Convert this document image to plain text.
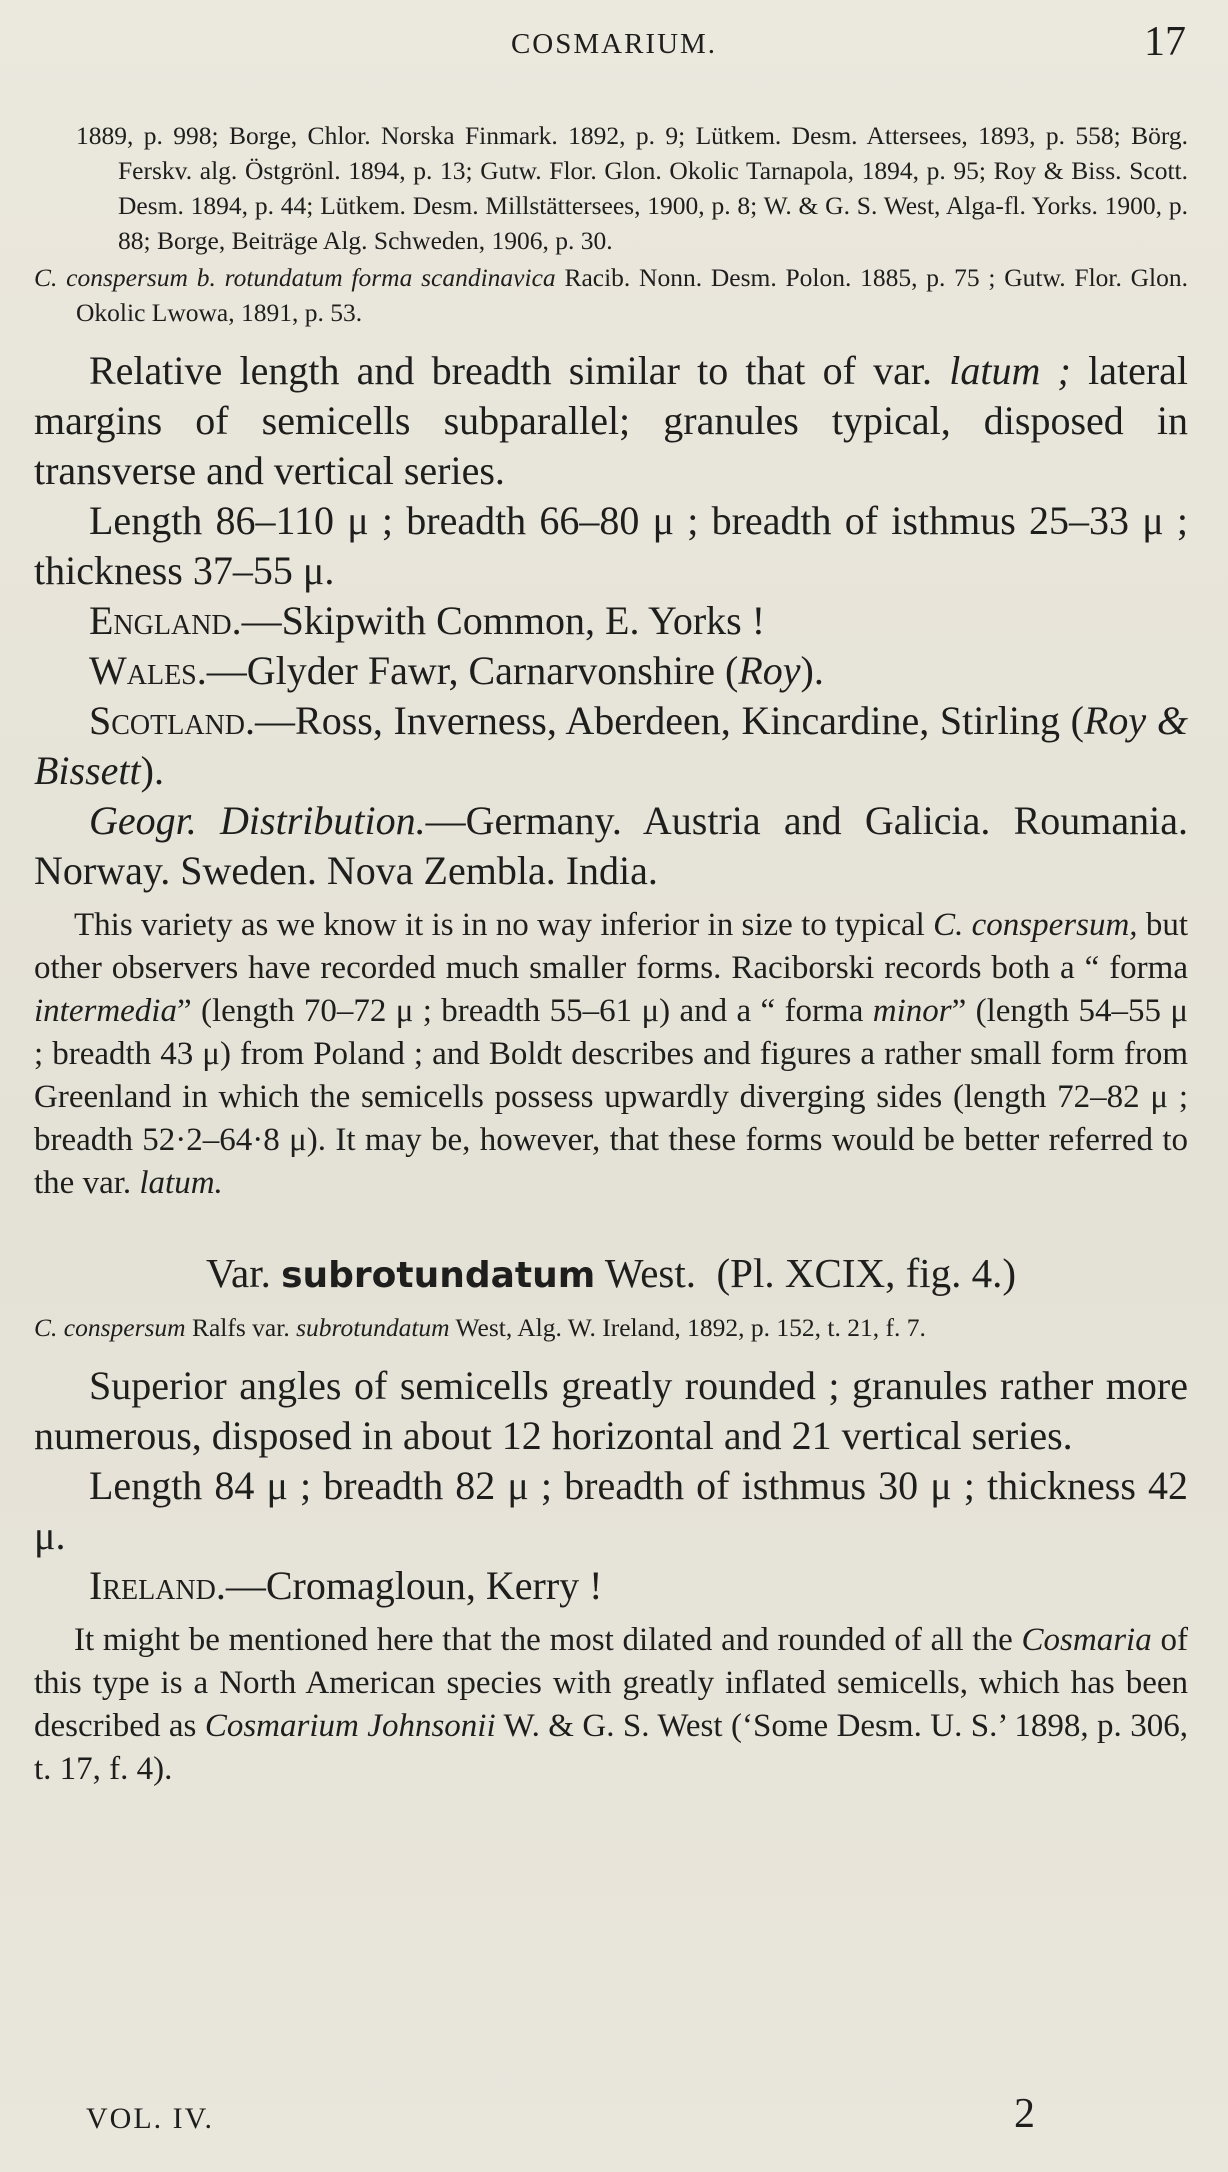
COSMARIUM.	17

1889, p. 998; Borge, Chlor. Norska Finmark. 1892, p. 9; Lütkem. Desm. Attersees, 1893, p. 558; Börg. Ferskv. alg. Östgrönl. 1894, p. 13; Gutw. Flor. Glon. Okolic Tarnapola, 1894, p. 95; Roy & Biss. Scott. Desm. 1894, p. 44; Lütkem. Desm. Millstättersees, 1900, p. 8; W. & G. S. West, Alga-fl. Yorks. 1900, p. 88; Borge, Beiträge Alg. Schweden, 1906, p. 30.

C. conspersum b. rotundatum forma scandinavica Racib. Nonn. Desm. Polon. 1885, p. 75 ; Gutw. Flor. Glon. Okolic Lwowa, 1891, p. 53.

Relative length and breadth similar to that of var. latum ; lateral margins of semicells subparallel; granules typical, disposed in transverse and vertical series.

Length 86–110 μ ; breadth 66–80 μ ; breadth of isthmus 25–33 μ ; thickness 37–55 μ.

England.—Skipwith Common, E. Yorks !

Wales.—Glyder Fawr, Carnarvonshire (Roy).

Scotland.—Ross, Inverness, Aberdeen, Kincardine, Stirling (Roy & Bissett).

Geogr. Distribution.—Germany. Austria and Galicia. Roumania. Norway. Sweden. Nova Zembla. India.

This variety as we know it is in no way inferior in size to typical C. conspersum, but other observers have recorded much smaller forms. Raciborski records both a “ forma intermedia” (length 70–72 μ ; breadth 55–61 μ) and a “ forma minor” (length 54–55 μ ; breadth 43 μ) from Poland ; and Boldt describes and figures a rather small form from Greenland in which the semicells possess upwardly diverging sides (length 72–82 μ ; breadth 52·2–64·8 μ). It may be, however, that these forms would be better referred to the var. latum.

Var. subrotundatum West. (Pl. XCIX, fig. 4.)

C. conspersum Ralfs var. subrotundatum West, Alg. W. Ireland, 1892, p. 152, t. 21, f. 7.

Superior angles of semicells greatly rounded ; granules rather more numerous, disposed in about 12 horizontal and 21 vertical series.

Length 84 μ ; breadth 82 μ ; breadth of isthmus 30 μ ; thickness 42 μ.

Ireland.—Cromagloun, Kerry !

It might be mentioned here that the most dilated and rounded of all the Cosmaria of this type is a North American species with greatly inflated semicells, which has been described as Cosmarium Johnsonii W. & G. S. West (‘Some Desm. U. S.’ 1898, p. 306, t. 17, f. 4).

VOL. IV.	2
